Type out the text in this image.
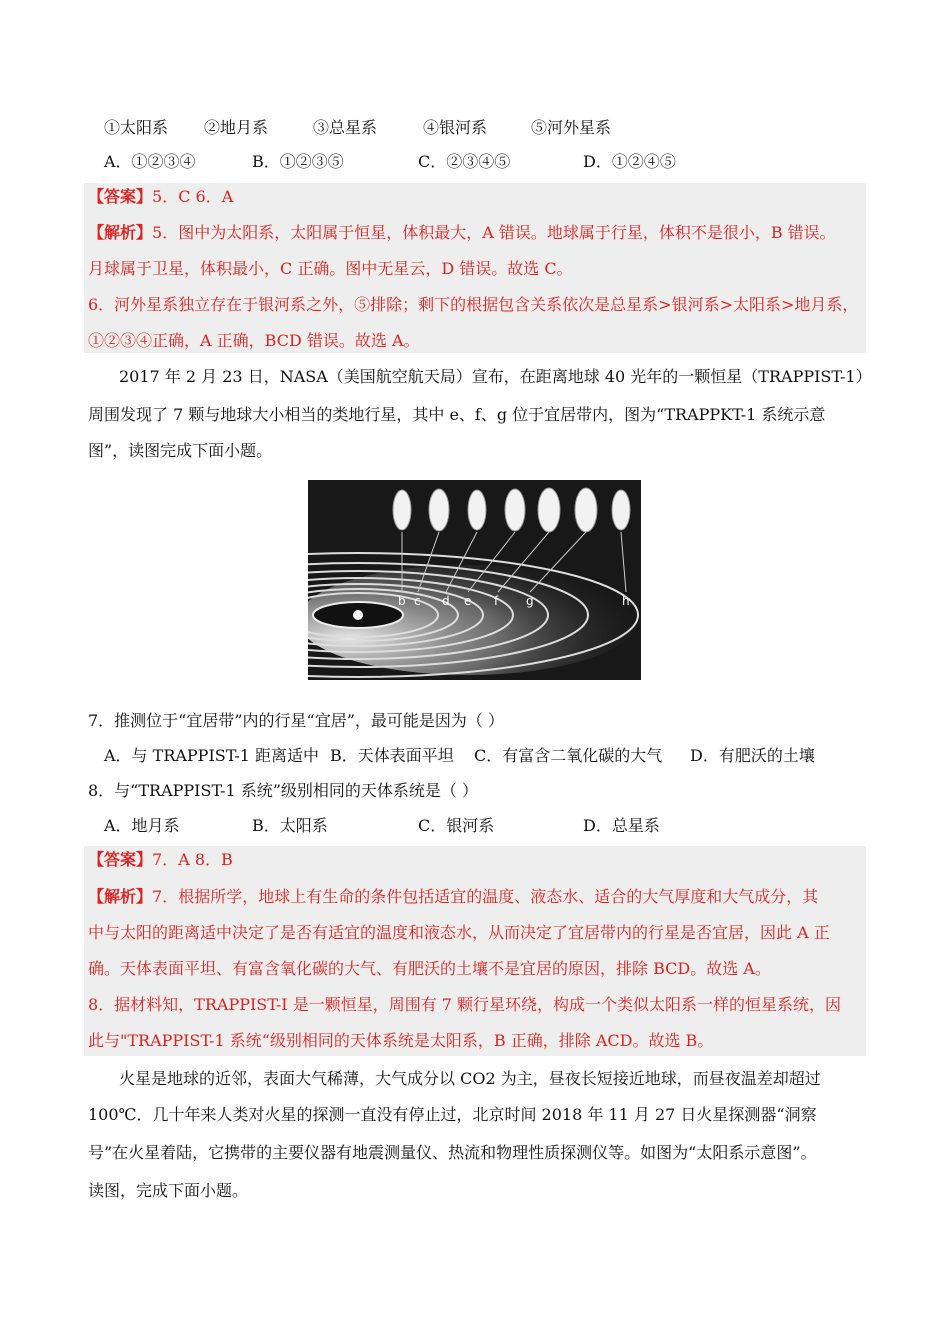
①太阳系 ②地月系	③总星系	④银河系	⑤河外星系
A．①②③④	B．①②③⑤	C．②③④⑤	D．①②④⑤
【答案】5．C 6．A
【解析】5．图中为太阳系，太阳属于恒星，体积最大，A 错误。地球属于行星，体积不是很小，B 错误。
月球属于卫星，体积最小，C 正确。图中无星云，D 错误。故选 C。
6．河外星系独立存在于银河系之外，⑤排除；剩下的根据包含关系依次是总星系>银河系>太阳系>地月系，
①②③④正确，A 正确，BCD 错误。故选 A。
2017 年 2 月 23 日，NASA（美国航空航天局）宣布，在距离地球 40 光年的一颗恒星（TRAPPIST-1）
周围发现了 7 颗与地球大小相当的类地行星，其中 e、f、g 位于宜居带内，图为“TRAPPKT-1 系统示意
图”，读图完成下面小题。
b c d e f g	h
7．推测位于“宜居带”内的行星“宜居”，最可能是因为（ ）
A．与 TRAPPIST-1 距离适中 B．天体表面平坦 C．有富含二氧化碳的大气 D．有肥沃的土壤
8．与“TRAPPIST-1 系统”级别相同的天体系统是（ ）
A．地月系	B．太阳系	C．银河系	D．总星系
【答案】7．A 8．B
【解析】7．根据所学，地球上有生命的条件包括适宜的温度、液态水、适合的大气厚度和大气成分，其
中与太阳的距离适中决定了是否有适宜的温度和液态水，从而决定了宜居带内的行星是否宜居，因此 A 正
确。天体表面平坦、有富含氧化碳的大气、有肥沃的土壤不是宜居的原因，排除 BCD。故选 A。
8．据材料知，TRAPPIST-I 是一颗恒星，周围有 7 颗行星环绕，构成一个类似太阳系一样的恒星系统，因
此与"TRAPPIST-1 系统“级别相同的天体系统是太阳系，B 正确，排除 ACD。故选 B。
火星是地球的近邻，表面大气稀薄，大气成分以 CO2 为主，昼夜长短接近地球，而昼夜温差却超过
100℃．几十年来人类对火星的探测一直没有停止过，北京时间 2018 年 11 月 27 日火星探测器“洞察
号”在火星着陆，它携带的主要仪器有地震测量仪、热流和物理性质探测仪等。如图为“太阳系示意图”。
读图，完成下面小题。
